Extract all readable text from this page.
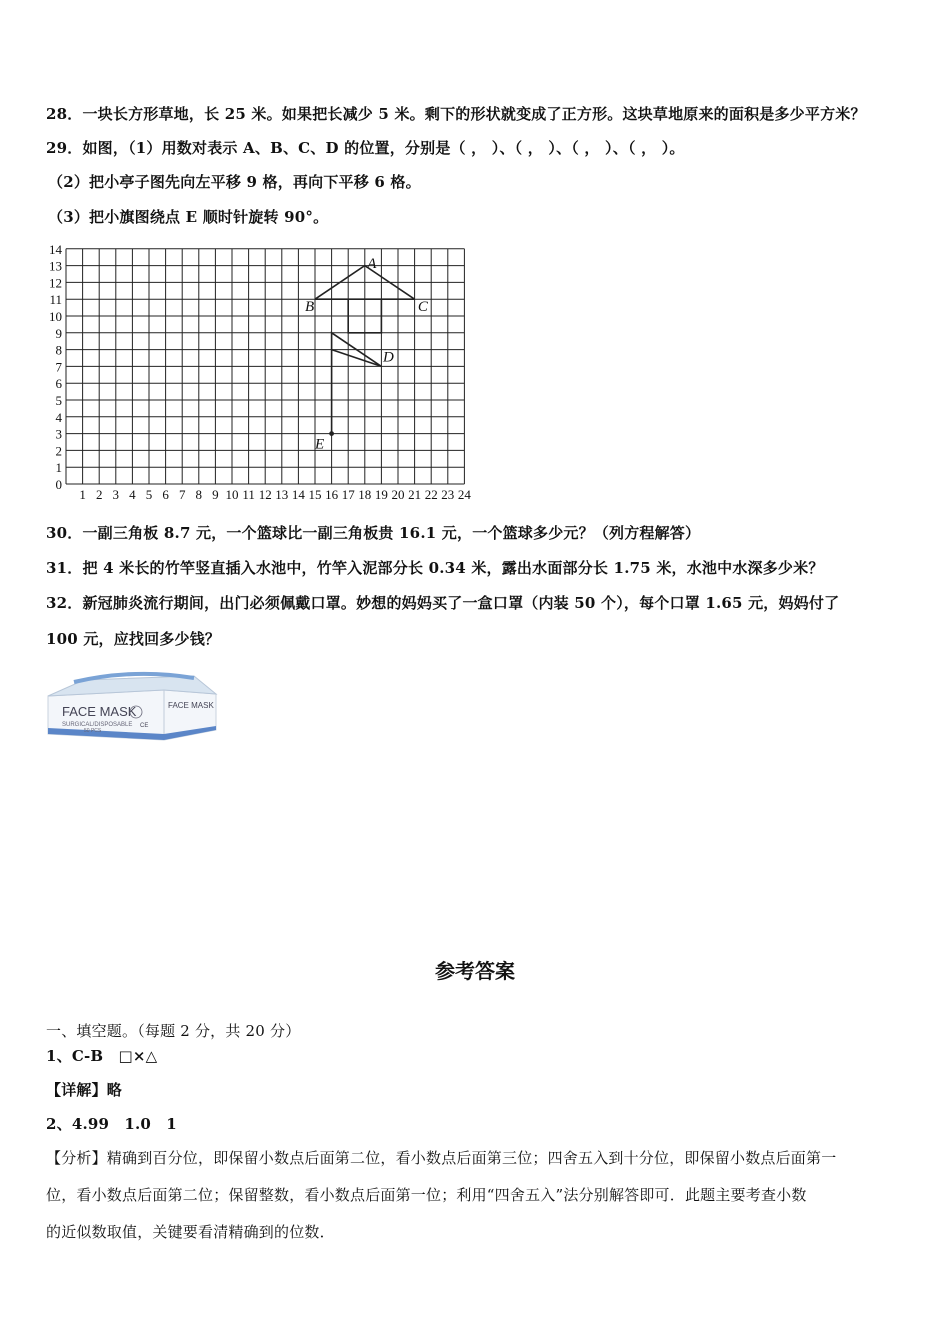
28．一块长方形草地，长 25 米。如果把长减少 5 米。剩下的形状就变成了正方形。这块草地原来的面积是多少平方米？
29．如图，（1）用数对表示 A、B、C、D 的位置，分别是（ ， ）、（ ， ）、（ ， ）、（ ， ）。
（2）把小亭子图先向左平移 9 格，再向下平移 6 格。
（3）把小旗图绕点 E 顺时针旋转 90°。
1 2 3 4 5 6 7 8 9 10 11 12 13 14 15 16 17 18 19 20 21 22 23 24
0
1
2
3
4
5
6
7
8
9
10
11
12
13
14
A
B	C
D
E
30．一副三角板 8.7 元，一个篮球比一副三角板贵 16.1 元，一个篮球多少元？（列方程解答）
31．把 4 米长的竹竿竖直插入水池中，竹竿入泥部分长 0.34 米，露出水面部分长 1.75 米，水池中水深多少米？
32．新冠肺炎流行期间，出门必须佩戴口罩。妙想的妈妈买了一盒口罩（内装 50 个），每个口罩 1.65 元，妈妈付了
100 元，应找回多少钱？
FACE MASK	FACE MASK
SURGICAL/DISPOSABLE
50 PCS
CE
参考答案
一、填空题。（每题 2 分，共 20 分）
1、C-B　□×△
【详解】略
2、4.99　1.0　1
【分析】精确到百分位，即保留小数点后面第二位，看小数点后面第三位；四舍五入到十分位，即保留小数点后面第一
位，看小数点后面第二位；保留整数，看小数点后面第一位；利用“四舍五入”法分别解答即可．此题主要考查小数
的近似数取值，关键要看清精确到的位数．
